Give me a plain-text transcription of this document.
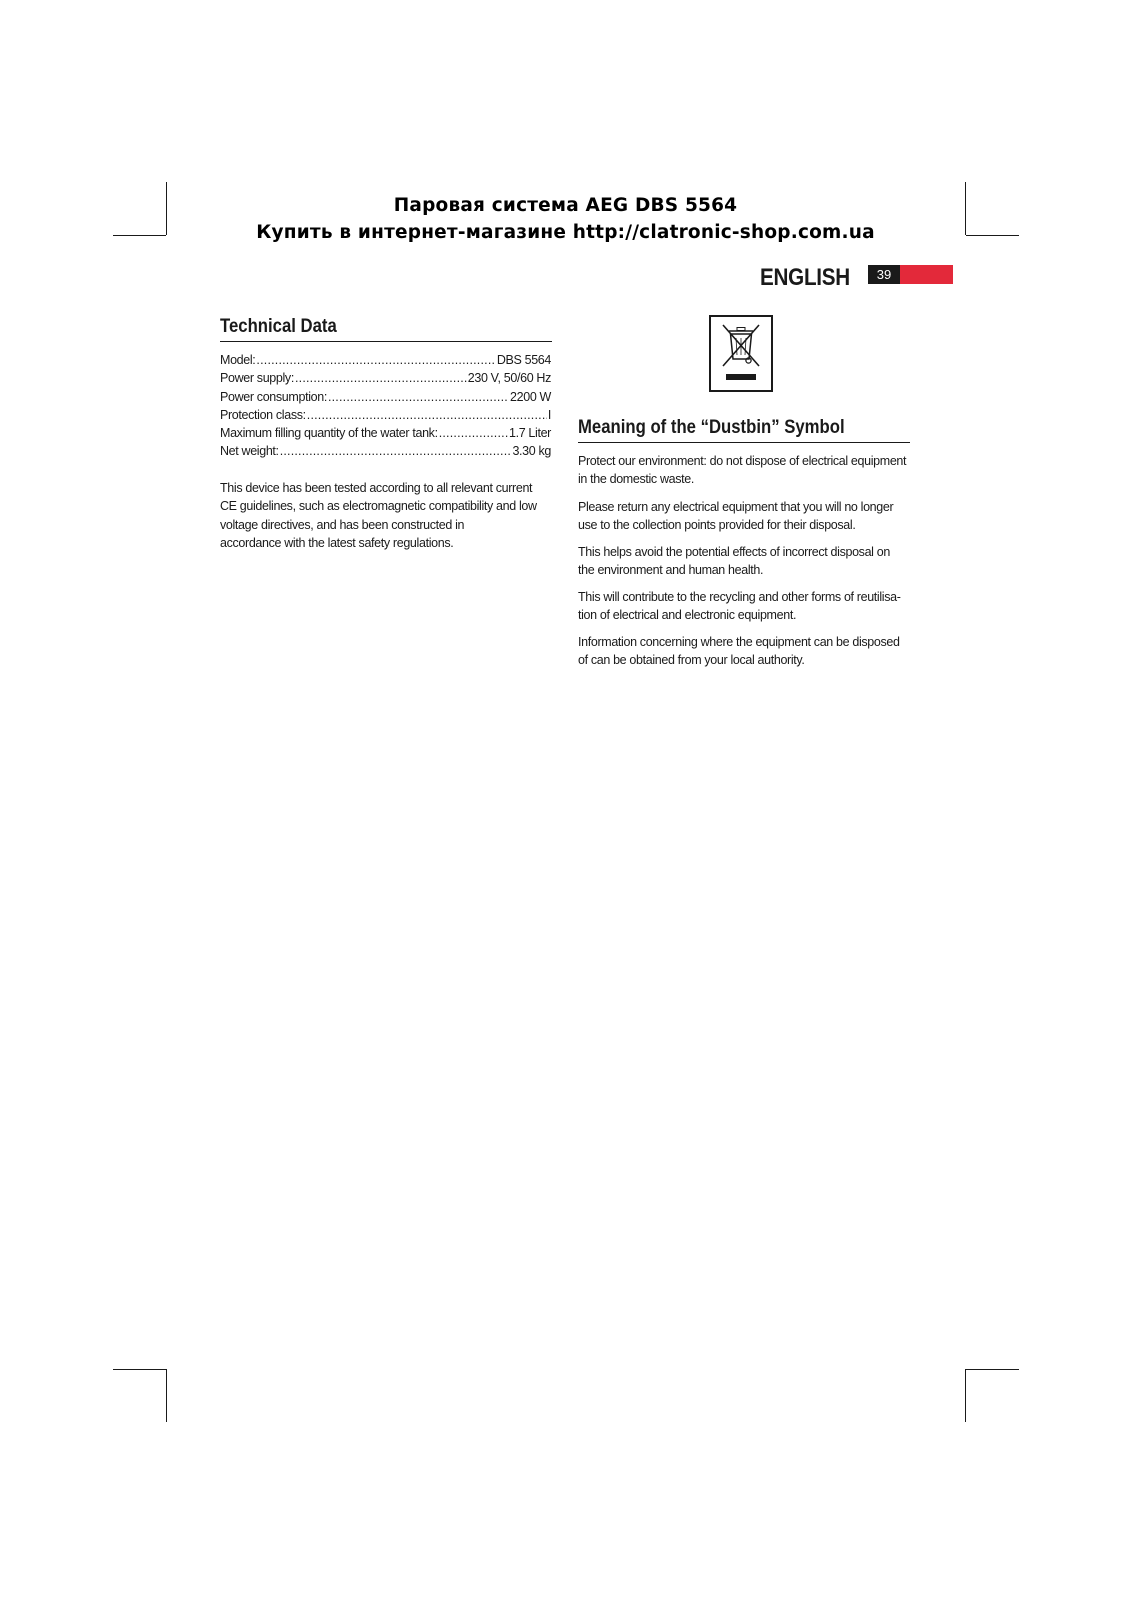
Паровая система AEG DBS 5564
Купить в интернет-магазине http://clatronic-shop.com.ua
ENGLISH	39
Technical Data
Model: .....	DBS 5564
Power supply: .....	230 V, 50/60 Hz
Power consumption: .....	2200 W
Protection class: .....	I
Maximum filling quantity of the water tank: .....	1.7 Liter
Net weight: .....	3.30 kg
This device has been tested according to all relevant current
CE guidelines, such as electromagnetic compatibility and low
voltage directives, and has been constructed in
accordance with the latest safety regulations.
Meaning of the “Dustbin” Symbol
Protect our environment: do not dispose of electrical equipment
in the domestic waste.
Please return any electrical equipment that you will no longer
use to the collection points provided for their disposal.
This helps avoid the potential effects of incorrect disposal on
the environment and human health.
This will contribute to the recycling and other forms of reutilisa-
tion of electrical and electronic equipment.
Information concerning where the equipment can be disposed
of can be obtained from your local authority.
